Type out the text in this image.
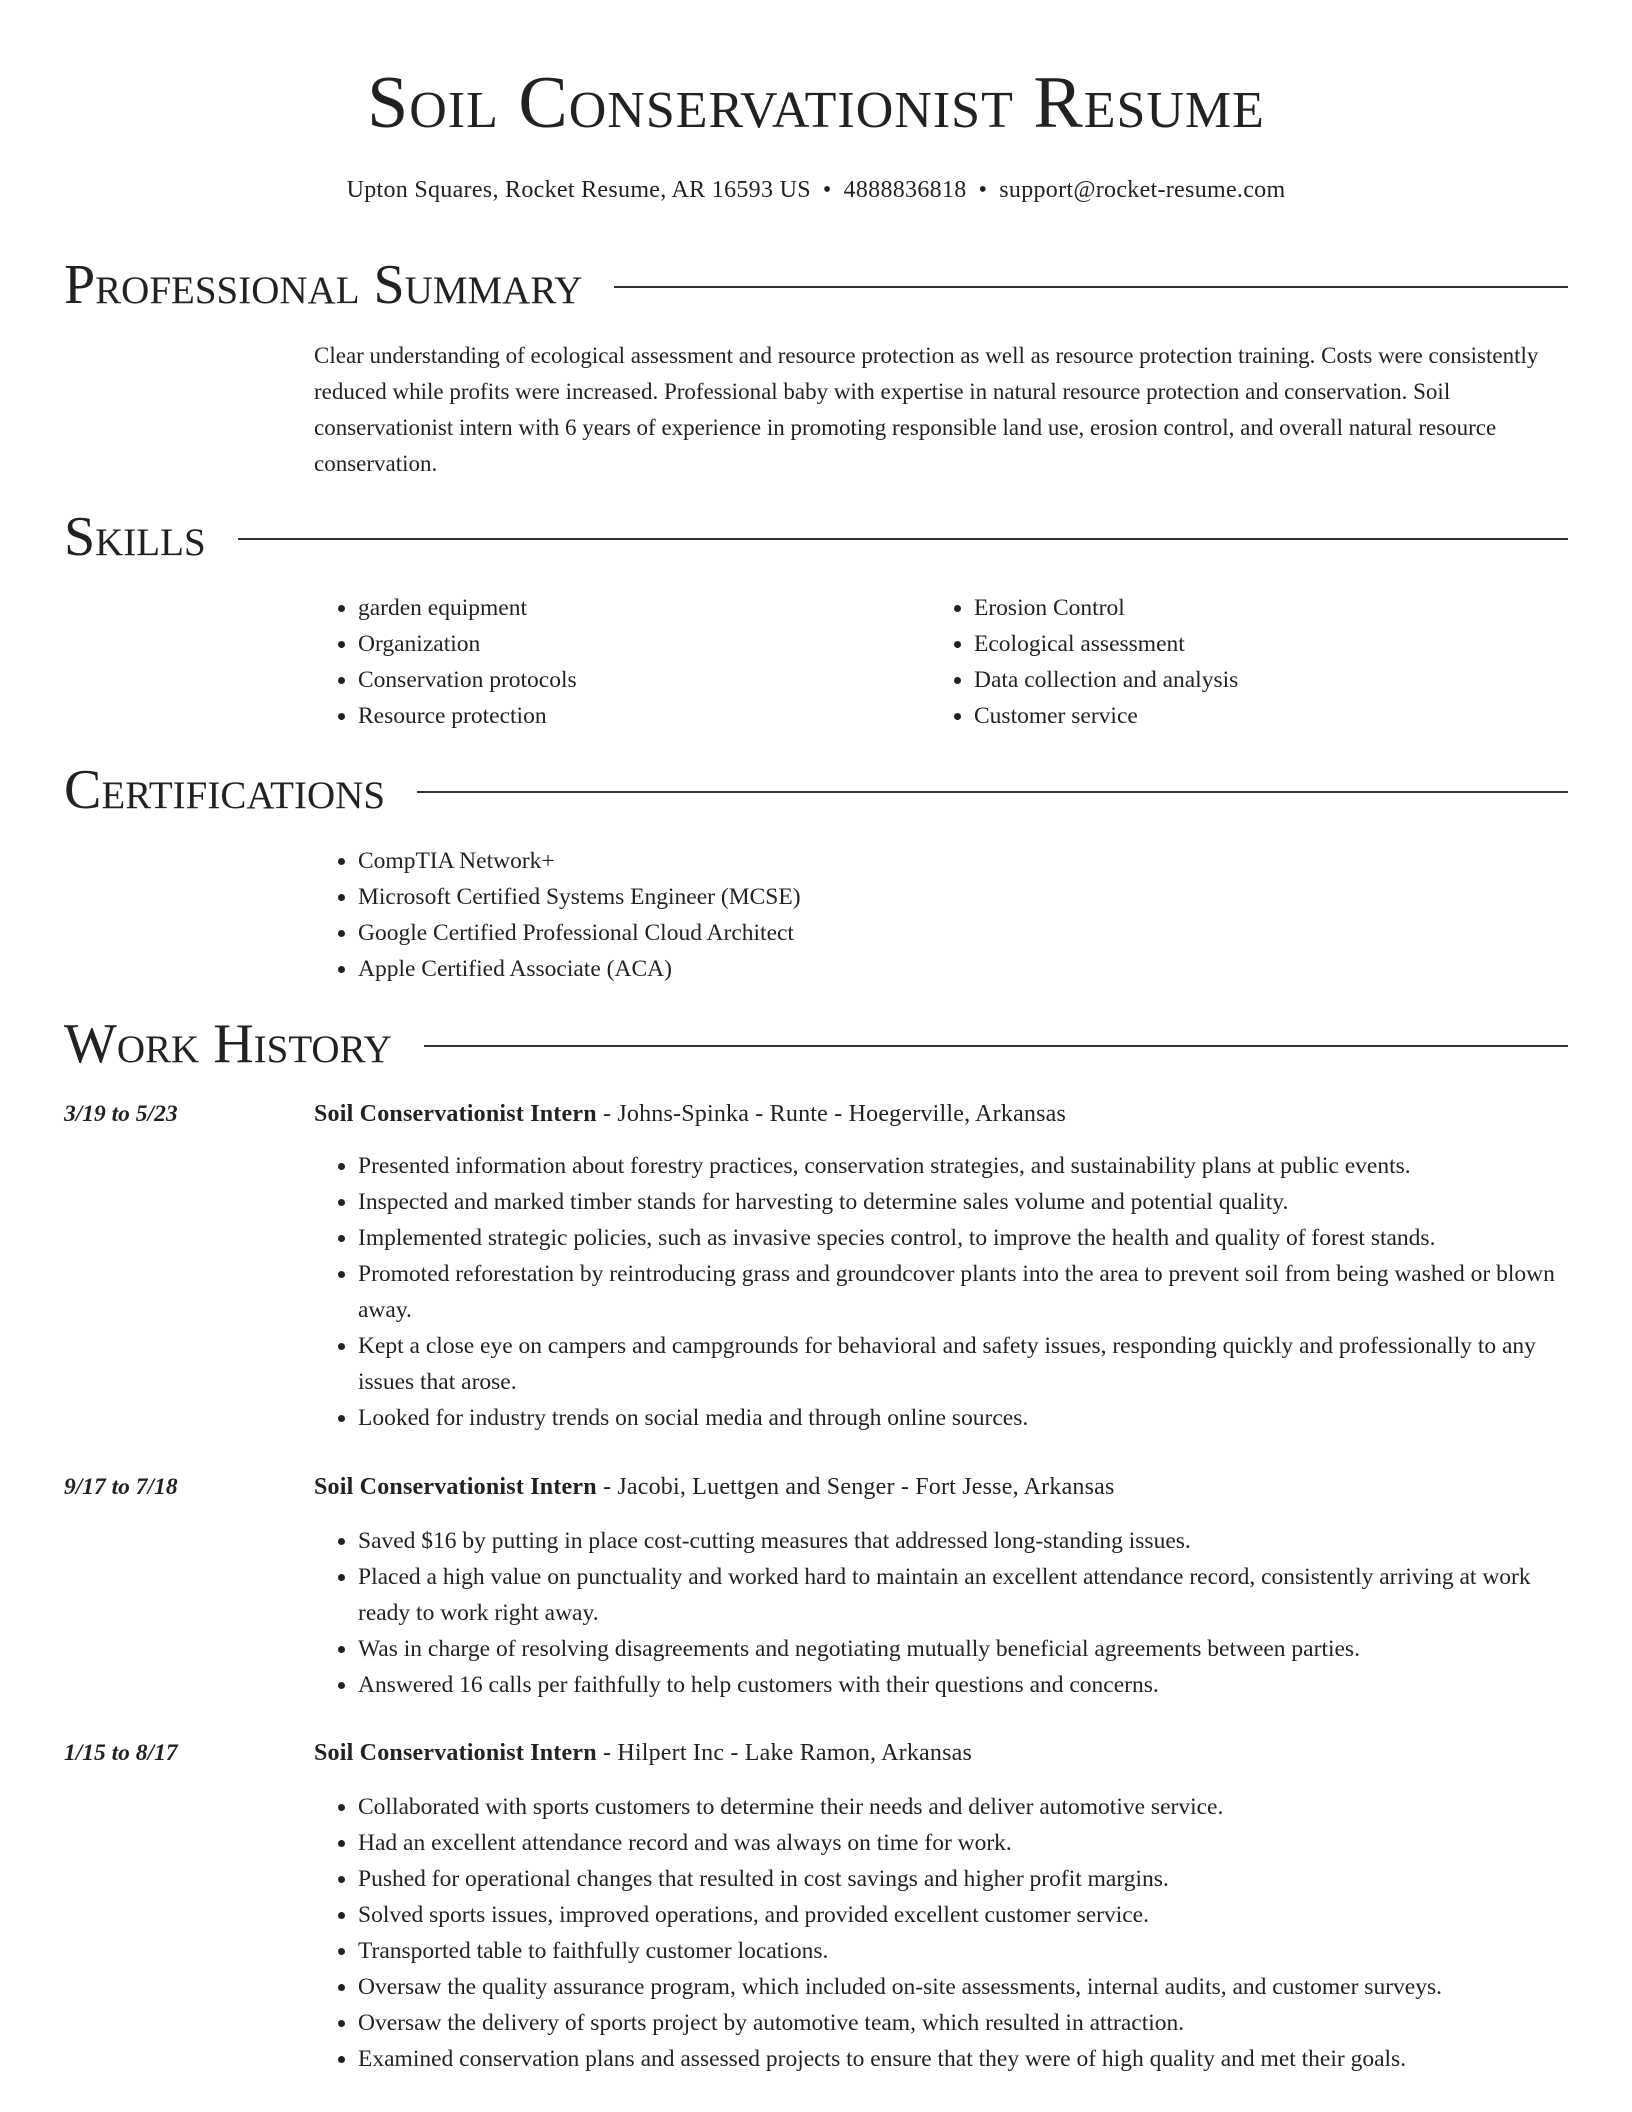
Soil Conservationist Resume
Upton Squares, Rocket Resume, AR 16593 US • 4888836818 • support@rocket-resume.com
Professional Summary

Clear understanding of ecological assessment and resource protection as well as resource protection training. Costs were consistently reduced while profits were increased. Professional baby with expertise in natural resource protection and conservation. Soil conservationist intern with 6 years of experience in promoting responsible land use, erosion control, and overall natural resource conservation.

Skills
• garden equipment
• Organization
• Conservation protocols
• Resource protection
• Erosion Control
• Ecological assessment
• Data collection and analysis
• Customer service
Certifications
• CompTIA Network+
• Microsoft Certified Systems Engineer (MCSE)
• Google Certified Professional Cloud Architect
• Apple Certified Associate (ACA)
Work History
3/19 to 5/23	Soil Conservationist Intern - Johns-Spinka - Runte - Hoegerville, Arkansas
• Presented information about forestry practices, conservation strategies, and sustainability plans at public events.
• Inspected and marked timber stands for harvesting to determine sales volume and potential quality.
• Implemented strategic policies, such as invasive species control, to improve the health and quality of forest stands.
• Promoted reforestation by reintroducing grass and groundcover plants into the area to prevent soil from being washed or blown away.
• Kept a close eye on campers and campgrounds for behavioral and safety issues, responding quickly and professionally to any issues that arose.
• Looked for industry trends on social media and through online sources.
9/17 to 7/18	Soil Conservationist Intern - Jacobi, Luettgen and Senger - Fort Jesse, Arkansas
• Saved $16 by putting in place cost-cutting measures that addressed long-standing issues.
• Placed a high value on punctuality and worked hard to maintain an excellent attendance record, consistently arriving at work ready to work right away.
• Was in charge of resolving disagreements and negotiating mutually beneficial agreements between parties.
• Answered 16 calls per faithfully to help customers with their questions and concerns.
1/15 to 8/17	Soil Conservationist Intern - Hilpert Inc - Lake Ramon, Arkansas
• Collaborated with sports customers to determine their needs and deliver automotive service.
• Had an excellent attendance record and was always on time for work.
• Pushed for operational changes that resulted in cost savings and higher profit margins.
• Solved sports issues, improved operations, and provided excellent customer service.
• Transported table to faithfully customer locations.
• Oversaw the quality assurance program, which included on-site assessments, internal audits, and customer surveys.
• Oversaw the delivery of sports project by automotive team, which resulted in attraction.
• Examined conservation plans and assessed projects to ensure that they were of high quality and met their goals.
